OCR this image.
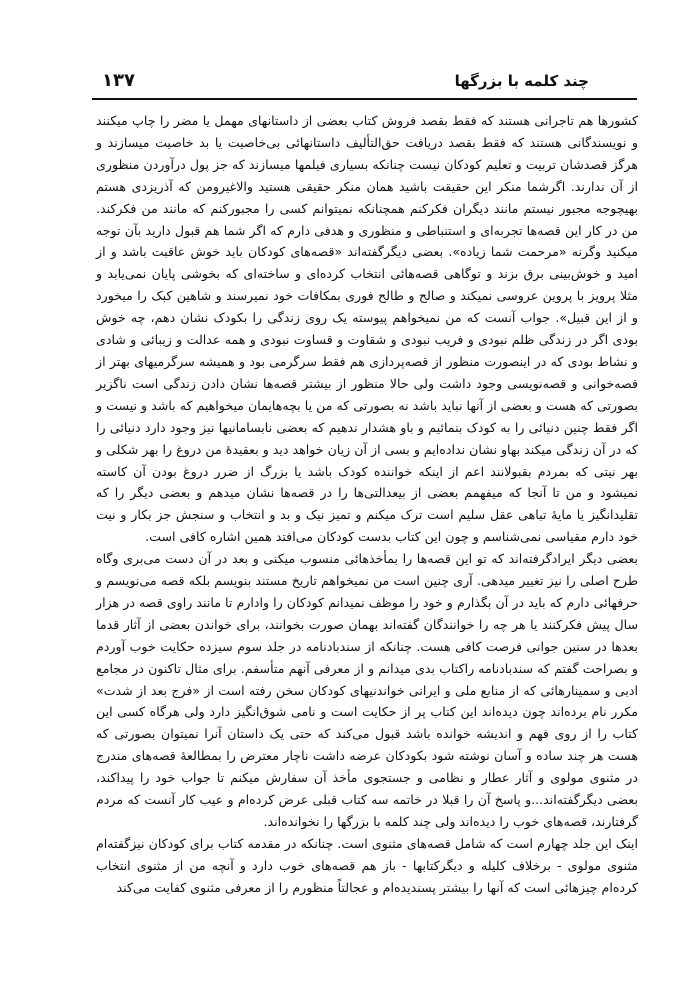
چند کلمه با بزرگها
۱۳۷

کشورها هم تاجرانی هستند که فقط بقصد فروش کتاب بعضی از داستانهای مهمل یا مضر را چاپ میکنند و نویسندگانی هستند که فقط بقصد دریافت حق‌التألیف داستانهائی بی‌خاصیت یا بد خاصیت میسازند و هرگز قصدشان تربیت و تعلیم کودکان نیست چنانکه بسیاری فیلمها میسازند که جز پول درآوردن منظوری از آن ندارند. اگرشما منکر این حقیقت باشید همان منکر حقیقی هستید والاغیرومن که آذریزدی هستم بهیچوجه مجبور نیستم مانند دیگران فکرکنم همچنانکه نمیتوانم کسی را مجبورکنم که مانند من فکرکند. من در کار این قصه‌ها تجربه‌ای و استنباطی و منظوری و هدفی دارم که اگر شما هم قبول دارید بآن توجه میکنید وگرنه «مرحمت شما زیاده». بعضی دیگرگفته‌اند «قصه‌های کودکان باید خوش عاقبت باشد و از امید و خوش‌بینی برق بزند و توگاهی قصه‌هائی انتخاب کرده‌ای و ساخته‌ای که بخوشی پایان نمی‌یابد و مثلا پرویز با پروین عروسی نمیکند و صالح و طالح فوری بمکافات خود نمیرسند و شاهین کبک را میخورد و از این قبیل». جواب آنست که من نمیخواهم پیوسته یک روی زندگی را بکودک نشان دهم، چه خوش بودی اگر در زندگی ظلم نبودی و فریب نبودی و شقاوت و قساوت نبودی و همه عدالت و زیبائی و شادی و نشاط بودی که در اینصورت منظور از قصه‌پردازی هم فقط سرگرمی بود و همیشه سرگرمیهای بهتر از قصه‌خوانی و قصه‌نویسی وجود داشت ولی حالا منظور از بیشتر قصه‌ها نشان دادن زندگی است ناگزیر بصورتی که هست و بعضی از آنها نباید باشد نه بصورتی که من یا بچه‌هایمان میخواهیم که باشد و نیست و اگر فقط چنین دنیائی را به کودک بنمائیم و باو هشدار ندهیم که بعضی نابسامانیها نیز وجود دارد دنیائی را که در آن زندگی میکند بهاو نشان نداده‌ایم و بسی از آن زیان خواهد دید و بعقیدهٔ من دروغ را بهر شکلی و بهر نیتی که بمردم بقبولانند اعم از اینکه خواننده کودک باشد یا بزرگ از ضرر دروغ بودن آن کاسته نمیشود و من تا آنجا که میفهمم بعضی از بیعدالتی‌ها را در قصه‌ها نشان میدهم و بعضی دیگر را که تقلیدانگیز یا مایهٔ تباهی عقل سلیم است ترک میکنم و تمیز نیک و بد و انتخاب و سنجش جز بکار و نیت خود دارم مقیاسی نمی‌شناسم و چون این کتاب بدست کودکان می‌افتد همین اشاره کافی است.

بعضی دیگر ایرادگرفته‌اند که تو این قصه‌ها را بمأخذهائی منسوب میکنی و بعد در آن دست می‌بری وگاه طرح اصلی را نیز تغییر میدهی. آری چنین است من نمیخواهم تاریخ مستند بنویسم بلکه قصه می‌نویسم و حرفهائی دارم که باید در آن بگذارم و خود را موظف نمیدانم کودکان را وادارم تا مانند راوی قصه در هزار سال پیش فکرکنند یا هر چه را خوانندگان گفته‌اند بهمان صورت بخوانند، برای خواندن بعضی از آثار قدما بعدها در سنین جوانی فرصت کافی هست. چنانکه از سندبادنامه در جلد سوم سیزده حکایت خوب آوردم و بصراحت گفتم که سندبادنامه راکتاب بدی میدانم و از معرفی آنهم متأسفم. برای مثال تاکنون در مجامع ادبی و سمینارهائی که از منابع ملی و ایرانی خواندنیهای کودکان سخن رفته است از «فرج بعد از شدت» مکرر نام برده‌اند چون دیده‌اند این کتاب پر از حکایت است و نامی شوق‌انگیز دارد ولی هرگاه کسی این کتاب را از روی فهم و اندیشه خوانده باشد قبول می‌کند که حتی یک داستان آنرا نمیتوان بصورتی که هست هر چند ساده و آسان نوشته شود بکودکان عرضه داشت ناچار معترض را بمطالعهٔ قصه‌های مندرج در مثنوی مولوی و آثار عطار و نظامی و جستجوی مأخذ آن سفارش میکنم تا جواب خود را پیداکند، بعضی دیگرگفته‌اند...و پاسخ آن را قبلا در خاتمه سه کتاب قبلی عرض کرده‌ام و عیب کار آنست که مردم گرفتارند، قصه‌های خوب را دیده‌اند ولی چند کلمه با بزرگها را نخوانده‌اند.

اینک این جلد چهارم است که شامل قصه‌های مثنوی است. چنانکه در مقدمه کتاب برای کودکان نیزگفته‌ام مثنوی مولوی - برخلاف کلیله و دیگرکتابها - باز هم قصه‌های خوب دارد و آنچه من از مثنوی انتخاب کرده‌ام چیزهائی است که آنها را بیشتر پسندیده‌ام و عجالتاً منظورم را از معرفی مثنوی کفایت می‌کند
